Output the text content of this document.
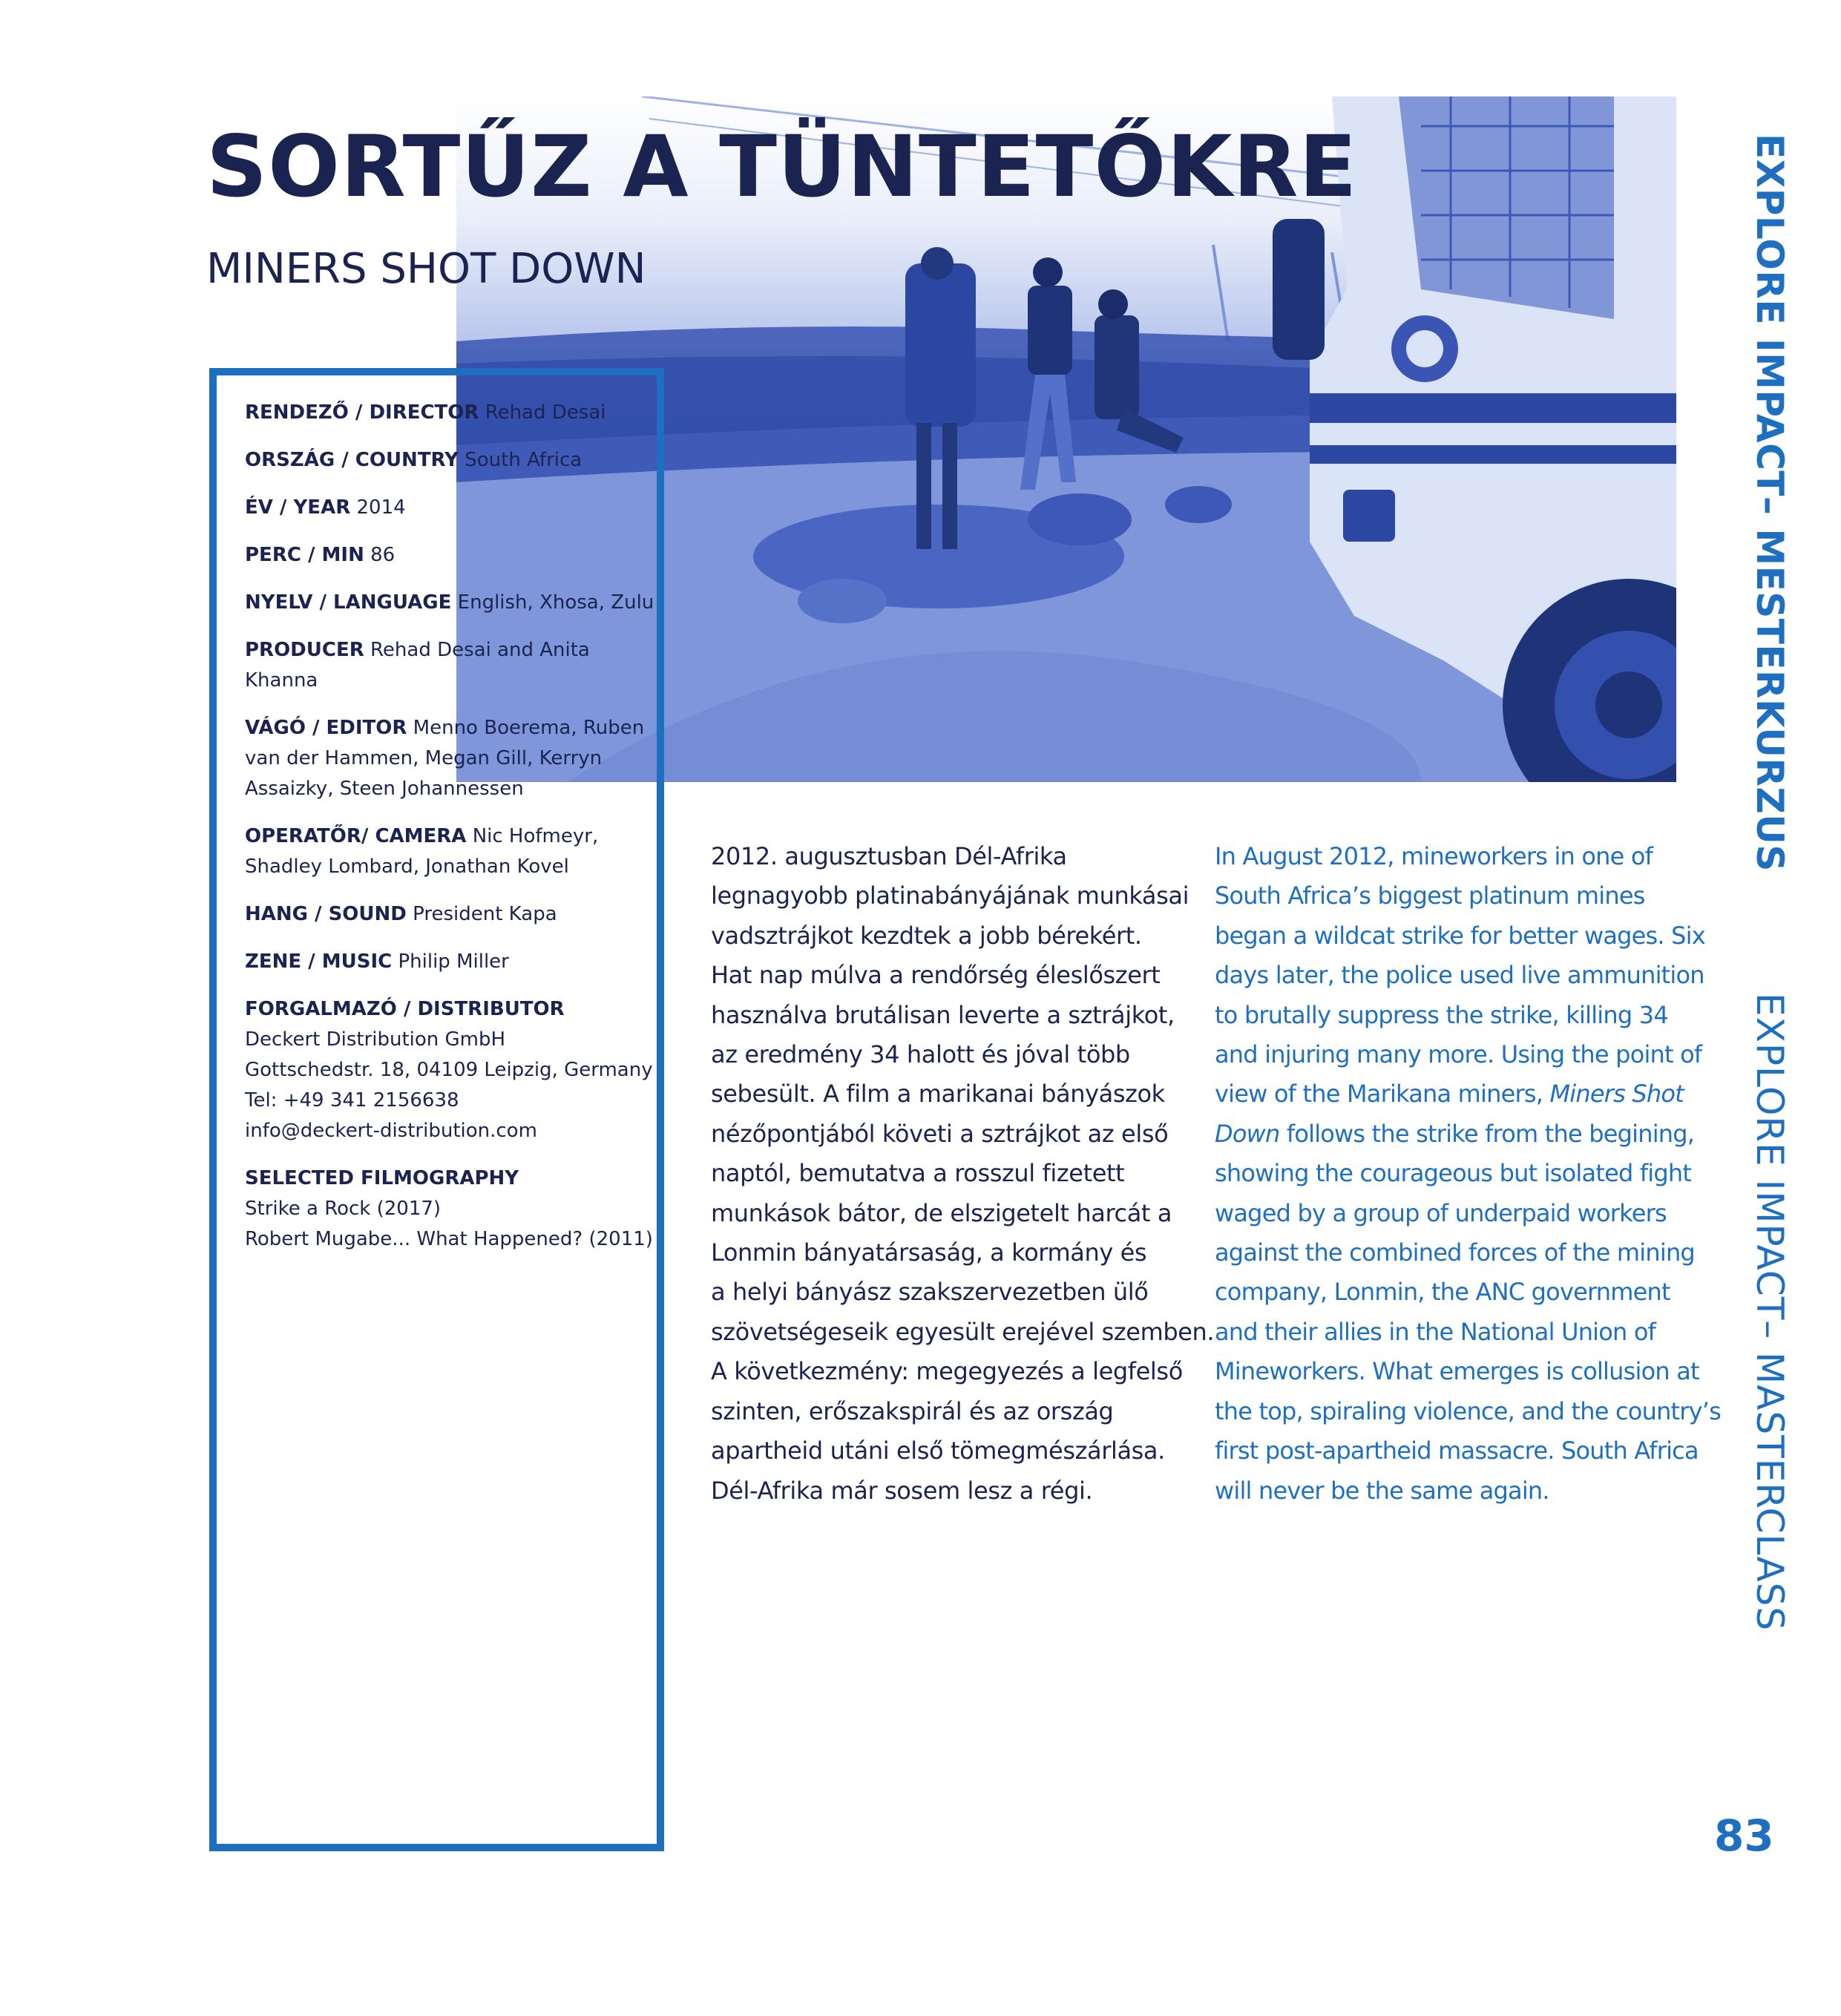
SORTŰZ A TÜNTETŐKRE
MINERS SHOT DOWN

RENDEZŐ / DIRECTOR Rehad Desai

ORSZÁG / COUNTRY South Africa

ÉV / YEAR 2014

PERC / MIN 86

NYELV / LANGUAGE English, Xhosa, Zulu

PRODUCER Rehad Desai and Anita Khanna

VÁGÓ / EDITOR Menno Boerema, Ruben
van der Hammen, Megan Gill, Kerryn
Assaizky, Steen Johannessen

OPERATŐR/ CAMERA Nic Hofmeyr,
Shadley Lombard, Jonathan Kovel

HANG / SOUND President Kapa

ZENE / MUSIC Philip Miller

FORGALMAZÓ / DISTRIBUTOR
Deckert Distribution GmbH
Gottschedstr. 18, 04109 Leipzig, Germany
Tel: +49 341 2156638
info@deckert-distribution.com

SELECTED FILMOGRAPHY
Strike a Rock (2017)
Robert Mugabe... What Happened? (2011)

2012. augusztusban Dél-Afrika
legnagyobb platinabányájának munkásai
vadsztrájkot kezdtek a jobb bérekért.
Hat nap múlva a rendőrség éleslőszert
használva brutálisan leverte a sztrájkot,
az eredmény 34 halott és jóval több
sebesült. A film a marikanai bányászok
nézőpontjából követi a sztrájkot az első
naptól, bemutatva a rosszul fizetett
munkások bátor, de elszigetelt harcát a
Lonmin bányatársaság, a kormány és
a helyi bányász szakszervezetben ülő
szövetségeseik egyesült erejével szemben.
A következmény: megegyezés a legfelső
szinten, erőszakspirál és az ország
apartheid utáni első tömegmészárlása.
Dél-Afrika már sosem lesz a régi.
In August 2012, mineworkers in one of
South Africa’s biggest platinum mines
began a wildcat strike for better wages. Six
days later, the police used live ammunition
to brutally suppress the strike, killing 34
and injuring many more. Using the point of
view of the Marikana miners, Miners Shot
Down follows the strike from the begining,
showing the courageous but isolated fight
waged by a group of underpaid workers
against the combined forces of the mining
company, Lonmin, the ANC government
and their allies in the National Union of
Mineworkers. What emerges is collusion at
the top, spiraling violence, and the country’s
first post-apartheid massacre. South Africa
will never be the same again.
EXPLORE IMPACT– MESTERKURZUS
EXPLORE IMPACT– MASTERCLASS
83
